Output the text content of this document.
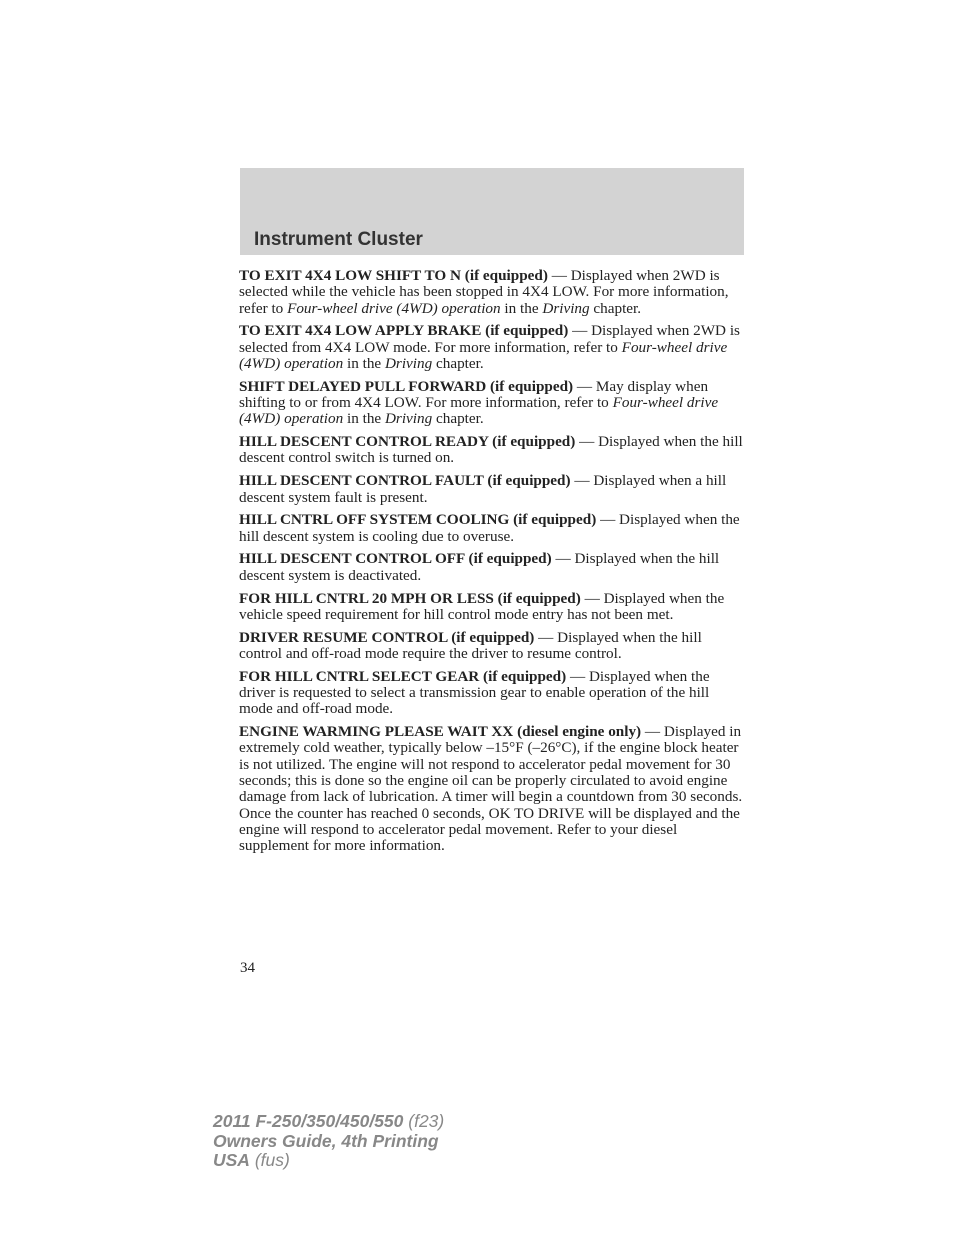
Instrument Cluster

TO EXIT 4X4 LOW SHIFT TO N (if equipped) — Displayed when 2WD is selected while the vehicle has been stopped in 4X4 LOW. For more information, refer to Four-wheel drive (4WD) operation in the Driving chapter.

TO EXIT 4X4 LOW APPLY BRAKE (if equipped) — Displayed when 2WD is selected from 4X4 LOW mode. For more information, refer to Four-wheel drive (4WD) operation in the Driving chapter.

SHIFT DELAYED PULL FORWARD (if equipped) — May display when shifting to or from 4X4 LOW. For more information, refer to Four-wheel drive (4WD) operation in the Driving chapter.

HILL DESCENT CONTROL READY (if equipped) — Displayed when the hill descent control switch is turned on.

HILL DESCENT CONTROL FAULT (if equipped) — Displayed when a hill descent system fault is present.

HILL CNTRL OFF SYSTEM COOLING (if equipped) — Displayed when the hill descent system is cooling due to overuse.

HILL DESCENT CONTROL OFF (if equipped) — Displayed when the hill descent system is deactivated.

FOR HILL CNTRL 20 MPH OR LESS (if equipped) — Displayed when the vehicle speed requirement for hill control mode entry has not been met.

DRIVER RESUME CONTROL (if equipped) — Displayed when the hill control and off-road mode require the driver to resume control.

FOR HILL CNTRL SELECT GEAR (if equipped) — Displayed when the driver is requested to select a transmission gear to enable operation of the hill mode and off-road mode.

ENGINE WARMING PLEASE WAIT XX (diesel engine only) — Displayed in extremely cold weather, typically below –15°F (–26°C), if the engine block heater is not utilized. The engine will not respond to accelerator pedal movement for 30 seconds; this is done so the engine oil can be properly circulated to avoid engine damage from lack of lubrication. A timer will begin a countdown from 30 seconds. Once the counter has reached 0 seconds, OK TO DRIVE will be displayed and the engine will respond to accelerator pedal movement. Refer to your diesel supplement for more information.

34
2011 F-250/350/450/550 (f23)
Owners Guide, 4th Printing
USA (fus)
